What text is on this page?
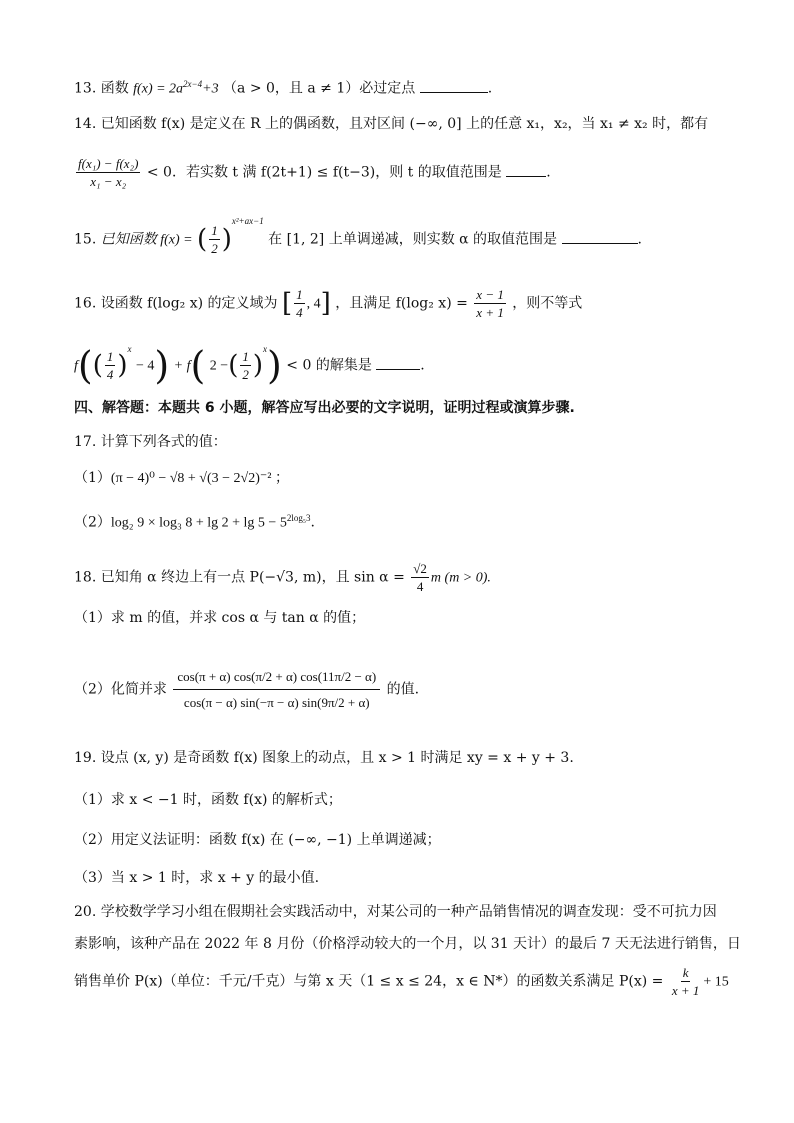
13. 函数 $f(x) = 2a^{2x-4}+3$ （a > 0，且 a ≠ 1）必过定点	.
14. 已知函数 f(x) 是定义在 R 上的偶函数，且对区间 (−∞, 0] 上的任意 x₁，x₂，当 x₁ ≠ x₂ 时，都有
$\frac{\text{f(x₁) − f(x₂)}}{\text{x₁ − x₂}} < 0$．若实数 t 满 f(2t+1) ≤ f(t−3)，则 t 的取值范围是	.
15. 已知函数 f(x) = ( $\frac{1}{2} )^{x^2+ax-1}$ 在 [1, 2] 上单调递减，则实数 α 的取值范围是	.
16. 设函数 f(log₂ x) 的定义域为 [ $\frac{1}{4}$ , 4] ，且满足 f(log₂ $x) = \frac{x - 1}{x + 1}$ ，则不等式
$f(( \frac{1}{4} )^x - 4) + f$( 2 −( $\frac{1}{2} )^x) < 0$ 的解集是	.
四、解答题：本题共 6 小题，解答应写出必要的文字说明，证明过程或演算步骤.
17. 计算下列各式的值：
（1）(π − 4)⁰ − √8 + √(3 − 2√2)⁻² ；
（2）log₂ 9 × log₃ $8 + \lg 2 + \lg 5 - 5^{2log_53}$.
18. 已知角 α 终边上有一点 P(−√3, m)，且 $\sin \alpha = \frac{√2}{4}$ m (m > 0).
（1）求 m 的值，并求 cos α 与 tan α 的值；
（2）化简并求 $\frac{\cos(\pi + \alpha) \cos(\pi/2 + \alpha) \cos(11\pi/2 - \alpha)}{\cos(\pi - \alpha) \sin(-\pi - \alpha) \sin(9\pi/2 + \alpha)}$ 的值.
19. 设点 (x, y) 是奇函数 f(x) 图象上的动点，且 x > 1 时满足 xy = x + y + 3.
（1）求 x < −1 时，函数 f(x) 的解析式；
（2）用定义法证明：函数 f(x) 在 (−∞, −1) 上单调递减；
（3）当 x > 1 时，求 x + y 的最小值.
20. 学校数学学习小组在假期社会实践活动中，对某公司的一种产品销售情况的调查发现：受不可抗力因
素影响，该种产品在 2022 年 8 月份（价格浮动较大的一个月，以 31 天计）的最后 7 天无法进行销售，日
销售单价 P(x)（单位：千元/千克）与第 x 天（1 ≤ x ≤ 24，x ∈ N*）的函数关系满足 $P(x) = \frac{k}{x + 1} + 15$
